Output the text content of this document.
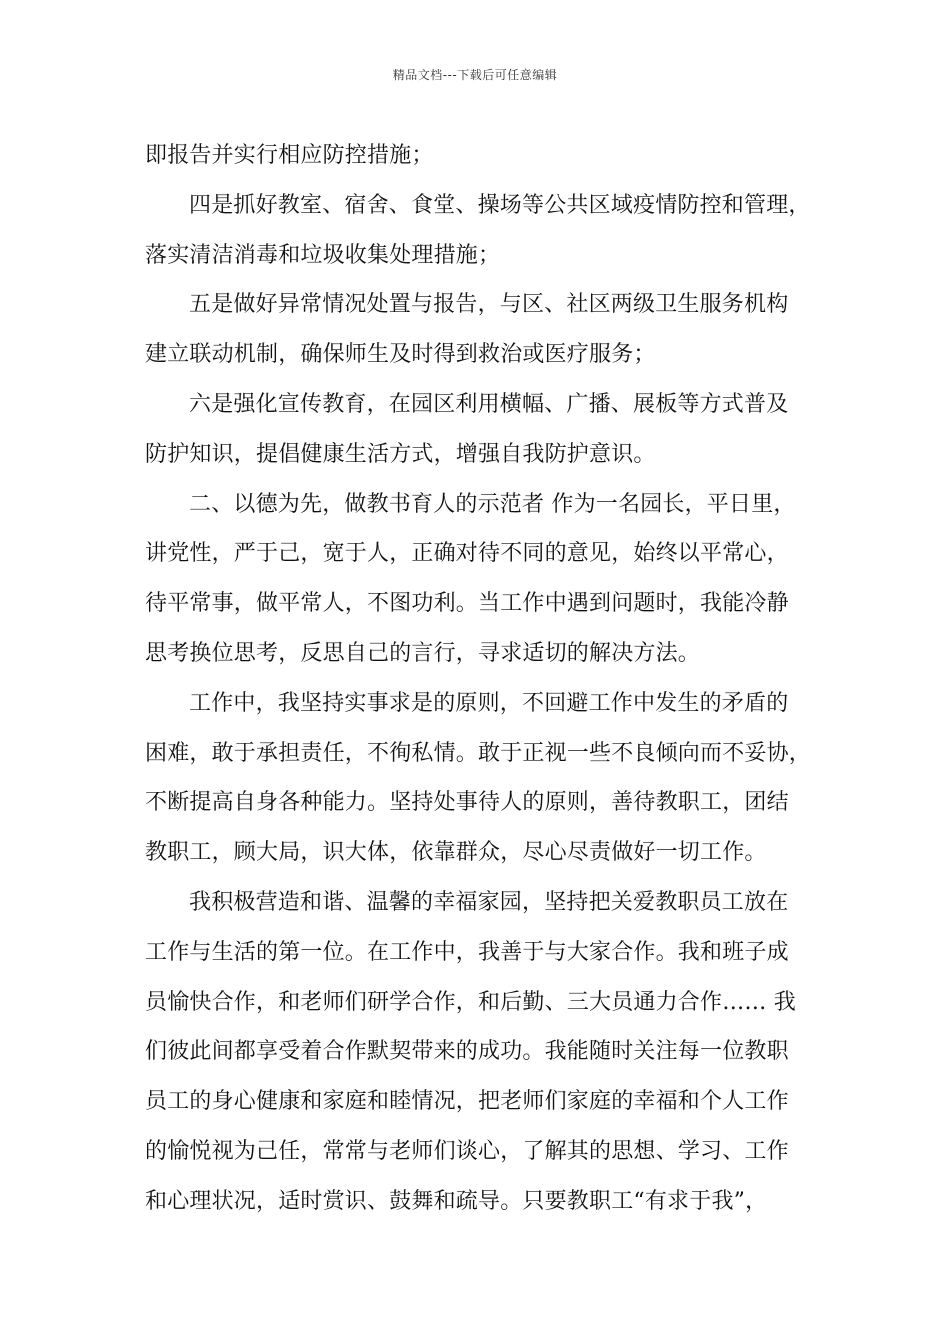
精品文档---下载后可任意编辑
即报告并实行相应防控措施；
四是抓好教室、宿舍、食堂、操场等公共区域疫情防控和管理，
落实清洁消毒和垃圾收集处理措施；
五是做好异常情况处置与报告，与区、社区两级卫生服务机构
建立联动机制，确保师生及时得到救治或医疗服务；
六是强化宣传教育，在园区利用横幅、广播、展板等方式普及
防护知识，提倡健康生活方式，增强自我防护意识。
二、以德为先，做教书育人的示范者 作为一名园长，平日里，
讲党性，严于己，宽于人，正确对待不同的意见，始终以平常心，
待平常事，做平常人，不图功利。当工作中遇到问题时，我能冷静
思考换位思考，反思自己的言行，寻求适切的解决方法。
工作中，我坚持实事求是的原则，不回避工作中发生的矛盾的
困难，敢于承担责任，不徇私情。敢于正视一些不良倾向而不妥协，
不断提高自身各种能力。坚持处事待人的原则，善待教职工，团结
教职工，顾大局，识大体，依靠群众，尽心尽责做好一切工作。
我积极营造和谐、温馨的幸福家园，坚持把关爱教职员工放在
工作与生活的第一位。在工作中，我善于与大家合作。我和班子成
员愉快合作，和老师们研学合作，和后勤、三大员通力合作…… 我
们彼此间都享受着合作默契带来的成功。我能随时关注每一位教职
员工的身心健康和家庭和睦情况，把老师们家庭的幸福和个人工作
的愉悦视为己任，常常与老师们谈心，了解其的思想、学习、工作
和心理状况，适时赏识、鼓舞和疏导。只要教职工“有求于我”，
